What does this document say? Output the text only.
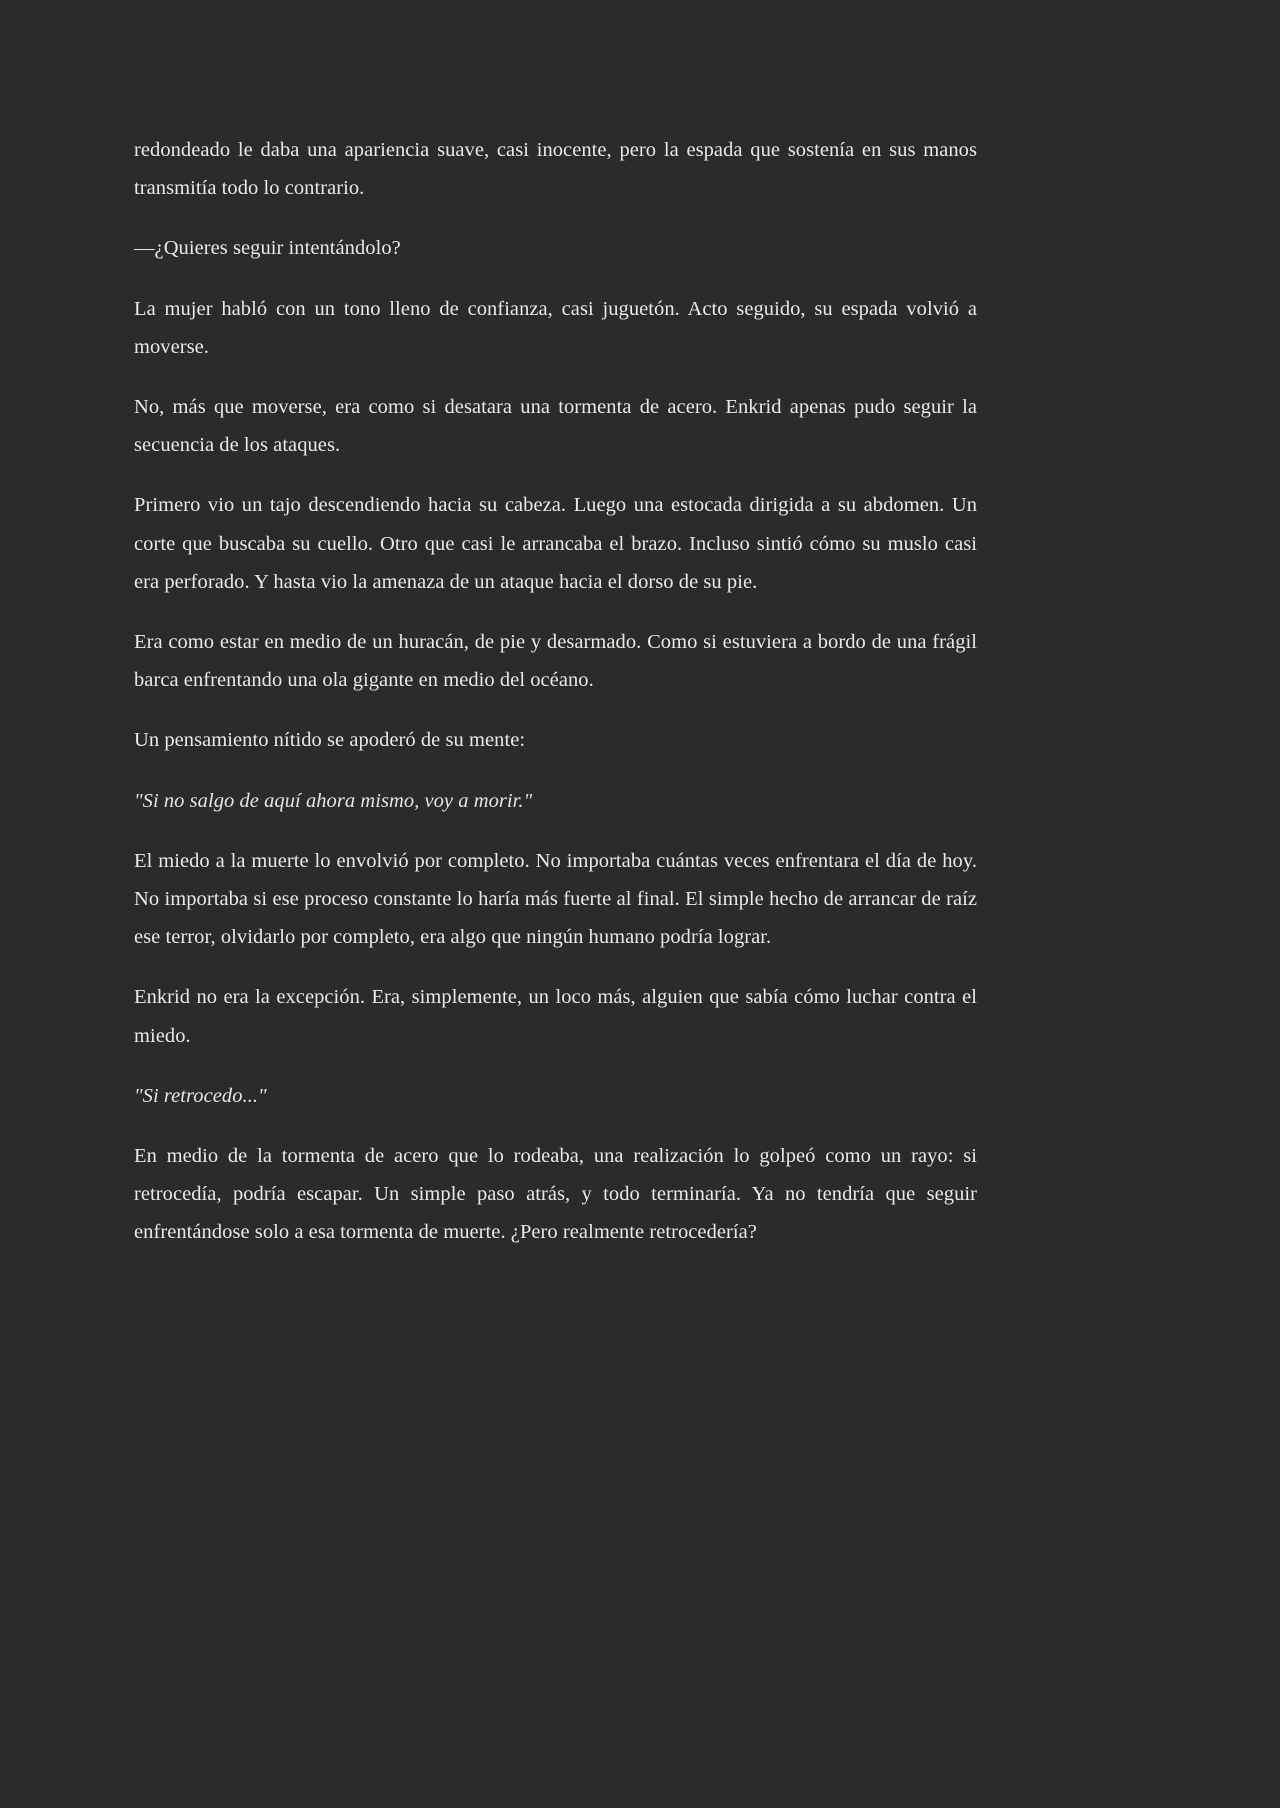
redondeado le daba una apariencia suave, casi inocente, pero la espada que sostenía en sus manos transmitía todo lo contrario.

—¿Quieres seguir intentándolo?

La mujer habló con un tono lleno de confianza, casi juguetón. Acto seguido, su espada volvió a moverse.

No, más que moverse, era como si desatara una tormenta de acero. Enkrid apenas pudo seguir la secuencia de los ataques.

Primero vio un tajo descendiendo hacia su cabeza. Luego una estocada dirigida a su abdomen. Un corte que buscaba su cuello. Otro que casi le arrancaba el brazo. Incluso sintió cómo su muslo casi era perforado. Y hasta vio la amenaza de un ataque hacia el dorso de su pie.

Era como estar en medio de un huracán, de pie y desarmado. Como si estuviera a bordo de una frágil barca enfrentando una ola gigante en medio del océano.

Un pensamiento nítido se apoderó de su mente:

"Si no salgo de aquí ahora mismo, voy a morir."

El miedo a la muerte lo envolvió por completo. No importaba cuántas veces enfrentara el día de hoy. No importaba si ese proceso constante lo haría más fuerte al final. El simple hecho de arrancar de raíz ese terror, olvidarlo por completo, era algo que ningún humano podría lograr.

Enkrid no era la excepción. Era, simplemente, un loco más, alguien que sabía cómo luchar contra el miedo.

"Si retrocedo..."

En medio de la tormenta de acero que lo rodeaba, una realización lo golpeó como un rayo: si retrocedía, podría escapar. Un simple paso atrás, y todo terminaría. Ya no tendría que seguir enfrentándose solo a esa tormenta de muerte. ¿Pero realmente retrocedería?
